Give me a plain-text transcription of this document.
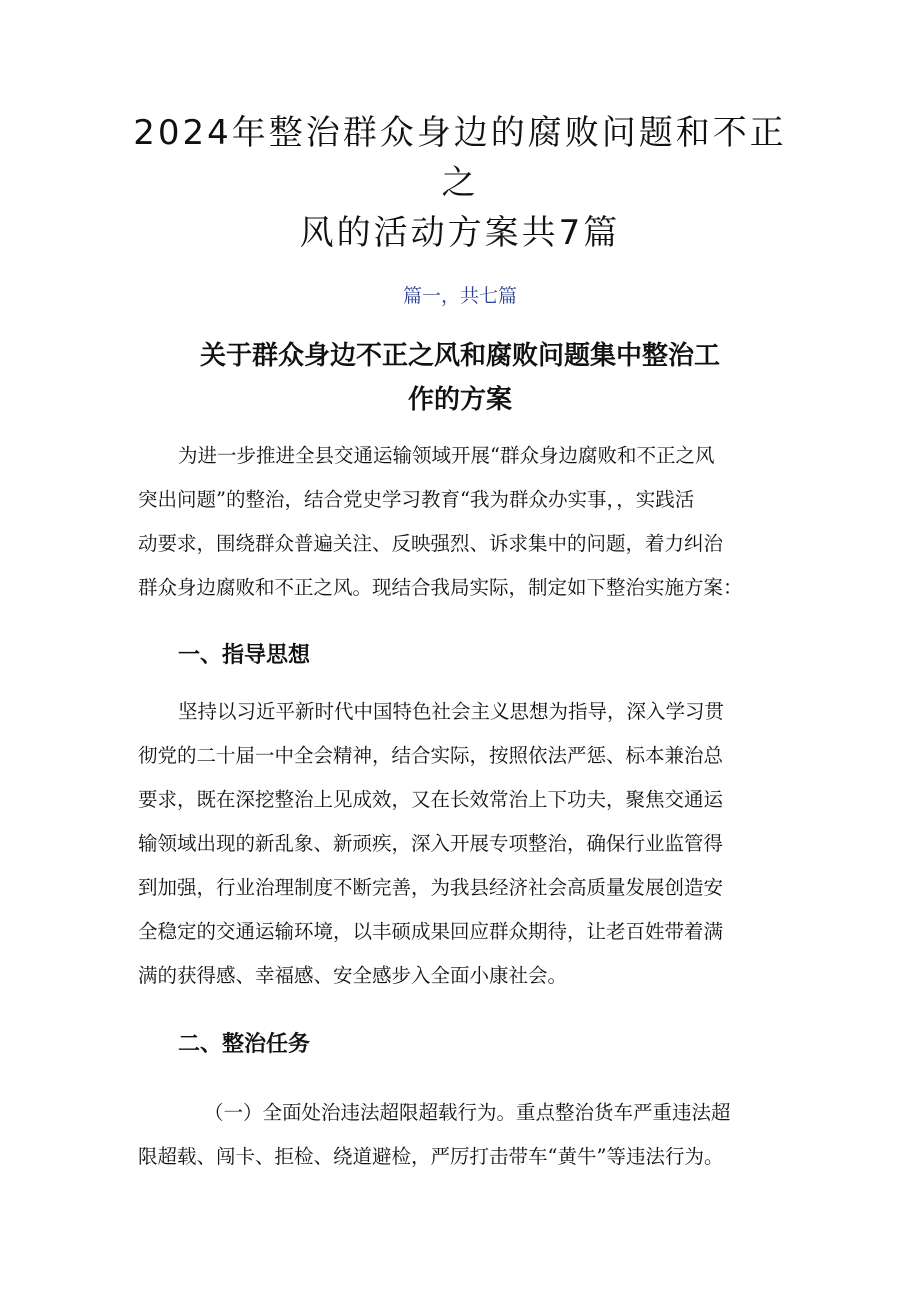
2024年整治群众身边的腐败问题和不正之
风的活动方案共7篇

篇一，共七篇

关于群众身边不正之风和腐败问题集中整治工
作的方案
为进一步推进全县交通运输领域开展“群众身边腐败和不正之风
突出问题”的整治，结合党史学习教育“我为群众办实事，，实践活
动要求，围绕群众普遍关注、反映强烈、诉求集中的问题，着力纠治
群众身边腐败和不正之风。现结合我局实际，制定如下整治实施方案：
一、指导思想
坚持以习近平新时代中国特色社会主义思想为指导，深入学习贯
彻党的二十届一中全会精神，结合实际，按照依法严惩、标本兼治总
要求，既在深挖整治上见成效，又在长效常治上下功夫，聚焦交通运
输领域出现的新乱象、新顽疾，深入开展专项整治，确保行业监管得
到加强，行业治理制度不断完善，为我县经济社会高质量发展创造安
全稳定的交通运输环境，以丰硕成果回应群众期待，让老百姓带着满
满的获得感、幸福感、安全感步入全面小康社会。
二、整治任务
（一）全面处治违法超限超载行为。重点整治货车严重违法超
限超载、闯卡、拒检、绕道避检，严厉打击带车“黄牛”等违法行为。
